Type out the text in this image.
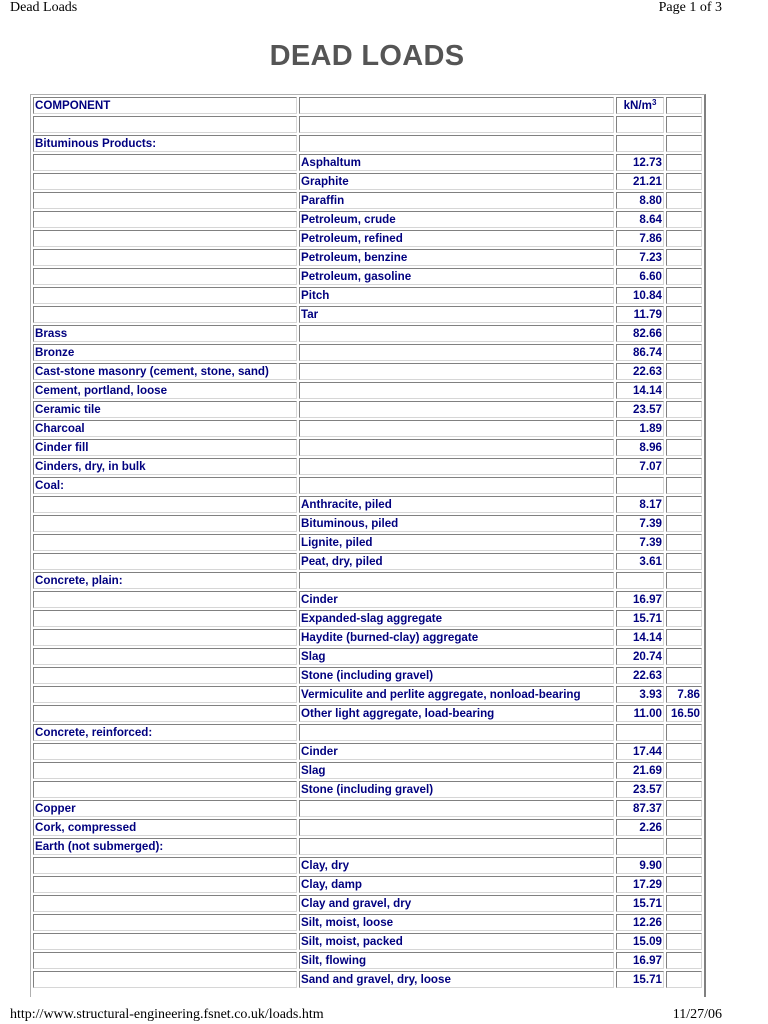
Dead Loads	Page 1 of 3
DEAD LOADS
COMPONENT		$kN/m^3$	

Bituminous Products:			
	Asphaltum	12.73	
	Graphite	21.21	
	Paraffin	8.80	
	Petroleum, crude	8.64	
	Petroleum, refined	7.86	
	Petroleum, benzine	7.23	
	Petroleum, gasoline	6.60	
	Pitch	10.84	
	Tar	11.79	
Brass		82.66	
Bronze		86.74	
Cast-stone masonry (cement, stone, sand)		22.63	
Cement, portland, loose		14.14	
Ceramic tile		23.57	
Charcoal		1.89	
Cinder fill		8.96	
Cinders, dry, in bulk		7.07	
Coal:			
	Anthracite, piled	8.17	
	Bituminous, piled	7.39	
	Lignite, piled	7.39	
	Peat, dry, piled	3.61	
Concrete, plain:			
	Cinder	16.97	
	Expanded-slag aggregate	15.71	
	Haydite (burned-clay) aggregate	14.14	
	Slag	20.74	
	Stone (including gravel)	22.63	
	Vermiculite and perlite aggregate, nonload-bearing	3.93	7.86
	Other light aggregate, load-bearing	11.00	16.50
Concrete, reinforced:			
	Cinder	17.44	
	Slag	21.69	
	Stone (including gravel)	23.57	
Copper		87.37	
Cork, compressed		2.26	
Earth (not submerged):			
	Clay, dry	9.90	
	Clay, damp	17.29	
	Clay and gravel, dry	15.71	
	Silt, moist, loose	12.26	
	Silt, moist, packed	15.09	
	Silt, flowing	16.97	
	Sand and gravel, dry, loose	15.71	
http://www.structural-engineering.fsnet.co.uk/loads.htm	11/27/06
